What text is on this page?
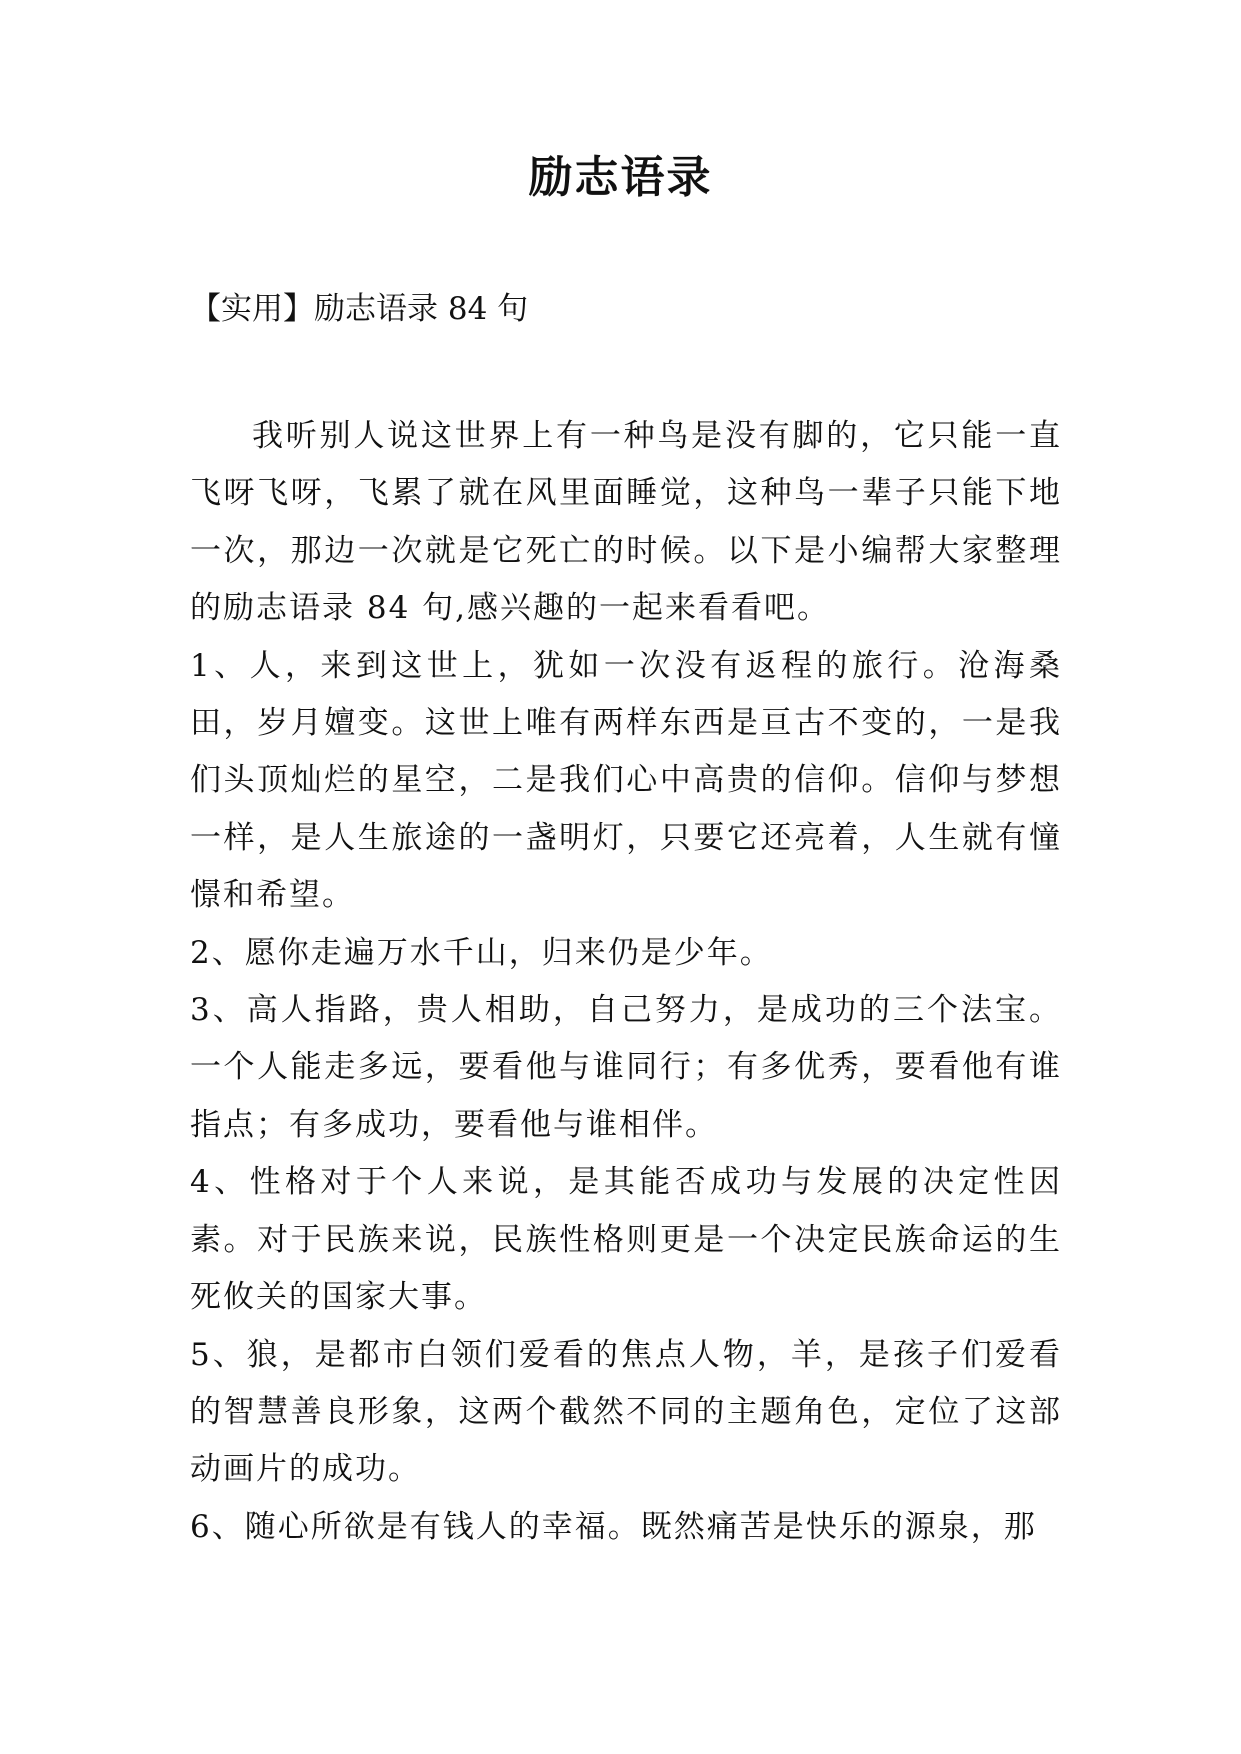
励志语录

【实用】励志语录 84 句

我听别人说这世界上有一种鸟是没有脚的，它只能一直飞呀飞呀，飞累了就在风里面睡觉，这种鸟一辈子只能下地一次，那边一次就是它死亡的时候。以下是小编帮大家整理的励志语录 84 句,感兴趣的一起来看看吧。

1、人，来到这世上，犹如一次没有返程的旅行。沧海桑田，岁月嬗变。这世上唯有两样东西是亘古不变的，一是我们头顶灿烂的星空，二是我们心中高贵的信仰。信仰与梦想一样，是人生旅途的一盏明灯，只要它还亮着，人生就有憧憬和希望。

2、愿你走遍万水千山，归来仍是少年。

3、高人指路，贵人相助，自己努力，是成功的三个法宝。一个人能走多远，要看他与谁同行；有多优秀，要看他有谁指点；有多成功，要看他与谁相伴。

4、性格对于个人来说，是其能否成功与发展的决定性因素。对于民族来说，民族性格则更是一个决定民族命运的生死攸关的国家大事。

5、狼，是都市白领们爱看的焦点人物，羊，是孩子们爱看的智慧善良形象，这两个截然不同的主题角色，定位了这部动画片的成功。

6、随心所欲是有钱人的幸福。既然痛苦是快乐的源泉，那
